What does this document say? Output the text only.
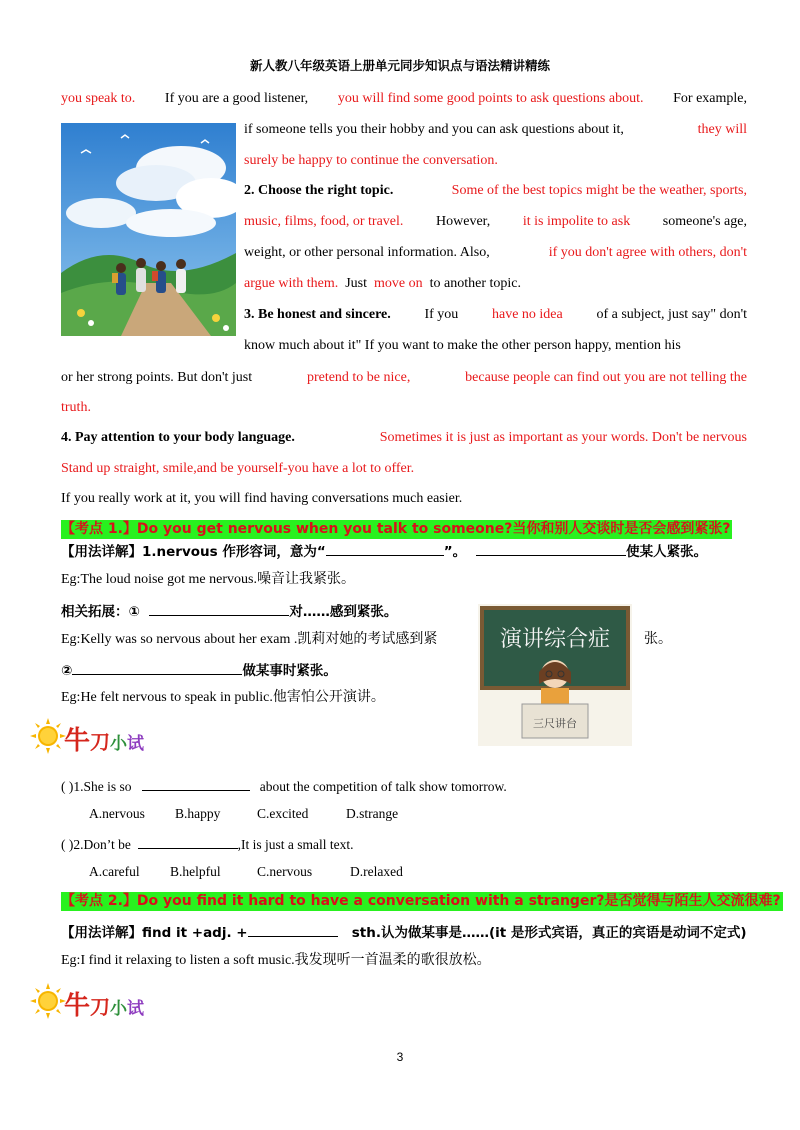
新人教八年级英语上册单元同步知识点与语法精讲精练
you speak to. If you are a good listener, you will find some good points to ask questions about. For example,
if someone tells you their hobby and you can ask questions about it,	they will
surely be happy to continue the conversation.
2. Choose the right topic.	Some of the best topics might be the weather, sports,
music, films, food, or travel. However, it is impolite to ask someone's age,
weight, or other personal information. Also,	if you don't agree with others, don't
argue with them. Just move on to another topic.
3. Be honest and sincere. If you have no idea of a subject, just say" don't
know much about it" If you want to make the other person happy, mention his
or her strong points. But don't just	pretend to be nice,	because people can find out you are not telling the
truth.
4. Pay attention to your body language.	Sometimes it is just as important as your words. Don't be nervous
Stand up straight, smile,and be yourself-you have a lot to offer.
If you really work at it, you will find having conversations much easier.
【考点 1.】Do you get nervous when you talk to someone?当你和别人交谈时是否会感到紧张?
【用法详解】1.nervous 作形容词，意为“	”。	使某人紧张。
Eg:The loud noise got me nervous.噪音让我紧张。
相关拓展：①	对……感到紧张。
Eg:Kelly was so nervous about her exam .凯莉对她的考试感到紧	张。
②	做某事时紧张。
Eg:He felt nervous to speak in public.他害怕公开演讲。
演讲综合症
三尺讲台
牛刀小试
( )1.She is so	about the competition of talk show tomorrow.
A.nervous	B.happy	C.excited	D.strange
( )2.Don’t be	,It is just a small text.
A.careful	B.helpful	C.nervous	D.relaxed
【考点 2.】Do you find it hard to have a conversation with a stranger?是否觉得与陌生人交流很难?
【用法详解】find it +adj. +	sth.认为做某事是……(it 是形式宾语，真正的宾语是动词不定式)
Eg:I find it relaxing to listen a soft music.我发现听一首温柔的歌很放松。
牛刀小试
3
